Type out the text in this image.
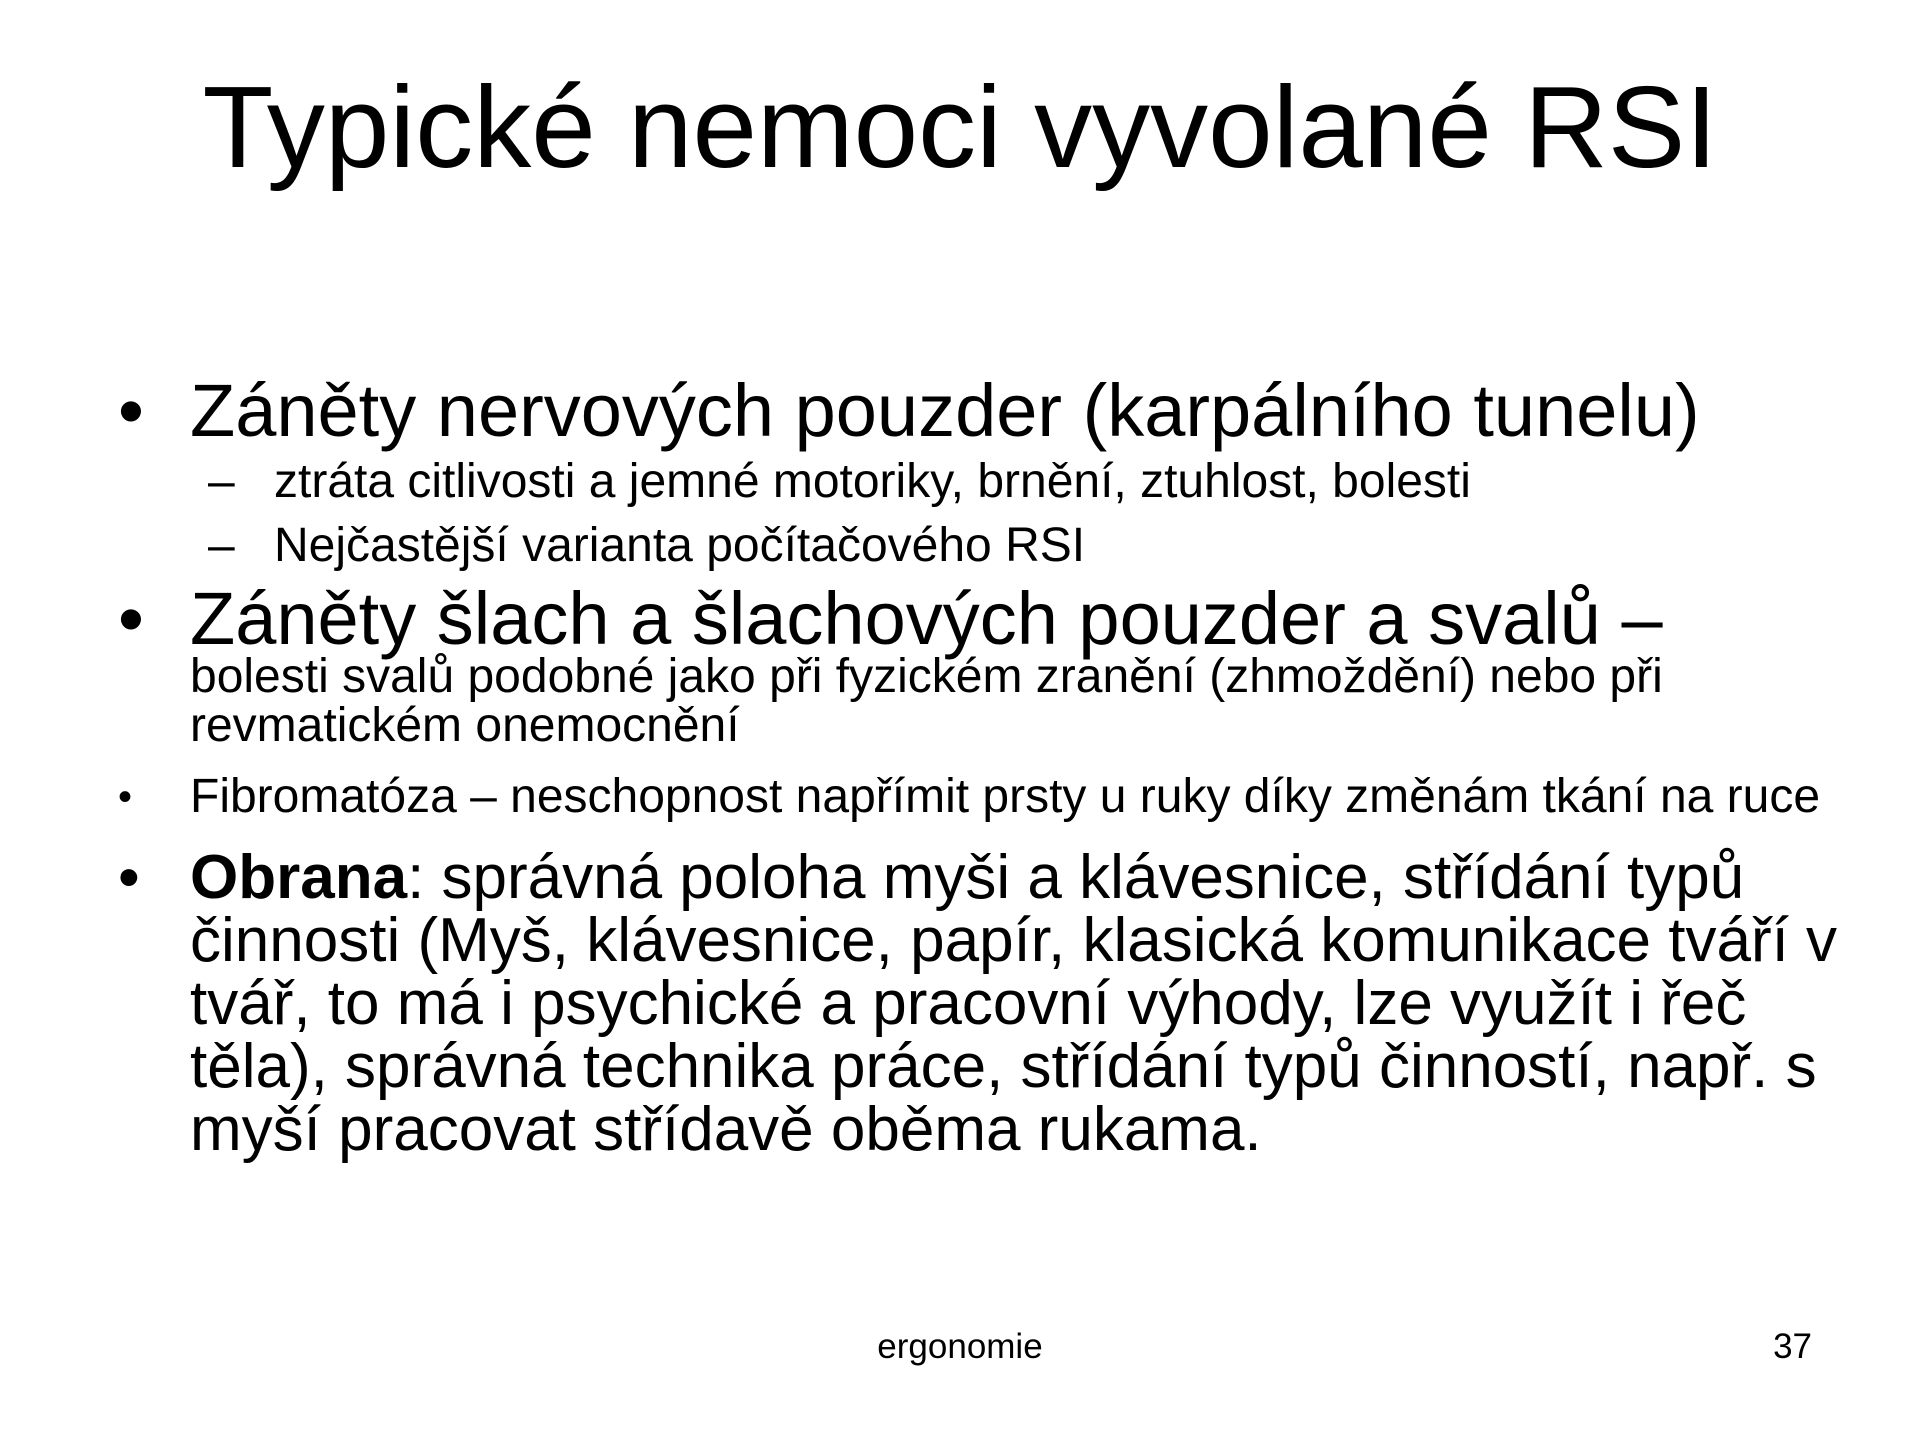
Typické nemoci vyvolané RSI
• Záněty nervových pouzder (karpálního tunelu)
– ztráta citlivosti a jemné motoriky, brnění, ztuhlost, bolesti
– Nejčastější varianta počítačového RSI
• Záněty šlach a šlachových pouzder a svalů –
bolesti svalů podobné jako při fyzickém zranění (zhmoždění) nebo při revmatickém onemocnění
• Fibromatóza – neschopnost napřímit prsty u ruky díky změnám tkání na ruce
• Obrana: správná poloha myši a klávesnice, střídání typů činnosti (Myš, klávesnice, papír, klasická komunikace tváří v tvář, to má i psychické a pracovní výhody, lze využít i řeč těla), správná technika práce, střídání typů činností, např. s myší pracovat střídavě oběma rukama.
ergonomie	37
